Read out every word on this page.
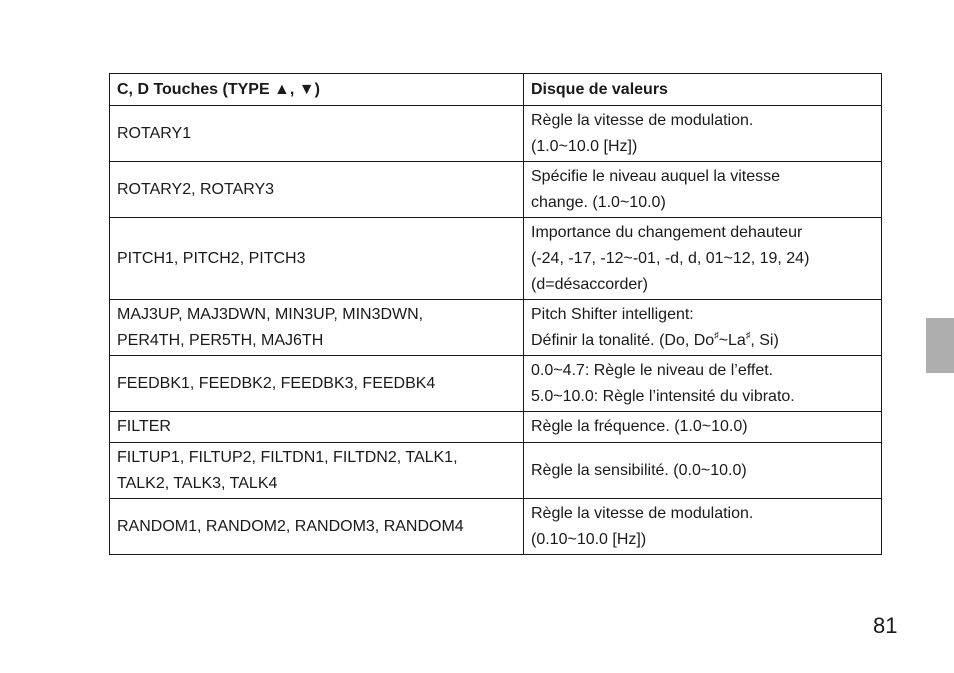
C, D Touches (TYPE ▲, ▼)	Disque de valeurs
ROTARY1	Règle la vitesse de modulation.
(1.0~10.0 [Hz])

ROTARY2, ROTARY3	Spécifie le niveau auquel la vitesse
change. (1.0~10.0)

PITCH1, PITCH2, PITCH3	Importance du changement dehauteur
(-24, -17, -12~-01, -d, d, 01~12, 19, 24)
(d=désaccorder)

MAJ3UP, MAJ3DWN, MIN3UP, MIN3DWN,
PER4TH, PER5TH, MAJ6TH	Pitch Shifter intelligent:
Définir la tonalité. (Do, Do♯~La♯, Si)

FEEDBK1, FEEDBK2, FEEDBK3, FEEDBK4	0.0~4.7: Règle le niveau de l’effet.
5.0~10.0: Règle l’intensité du vibrato.

FILTER	Règle la fréquence. (1.0~10.0)

FILTUP1, FILTUP2, FILTDN1, FILTDN2, TALK1,
TALK2, TALK3, TALK4	Règle la sensibilité. (0.0~10.0)
RANDOM1, RANDOM2, RANDOM3, RANDOM4	Règle la vitesse de modulation.
(0.10~10.0 [Hz])
81
